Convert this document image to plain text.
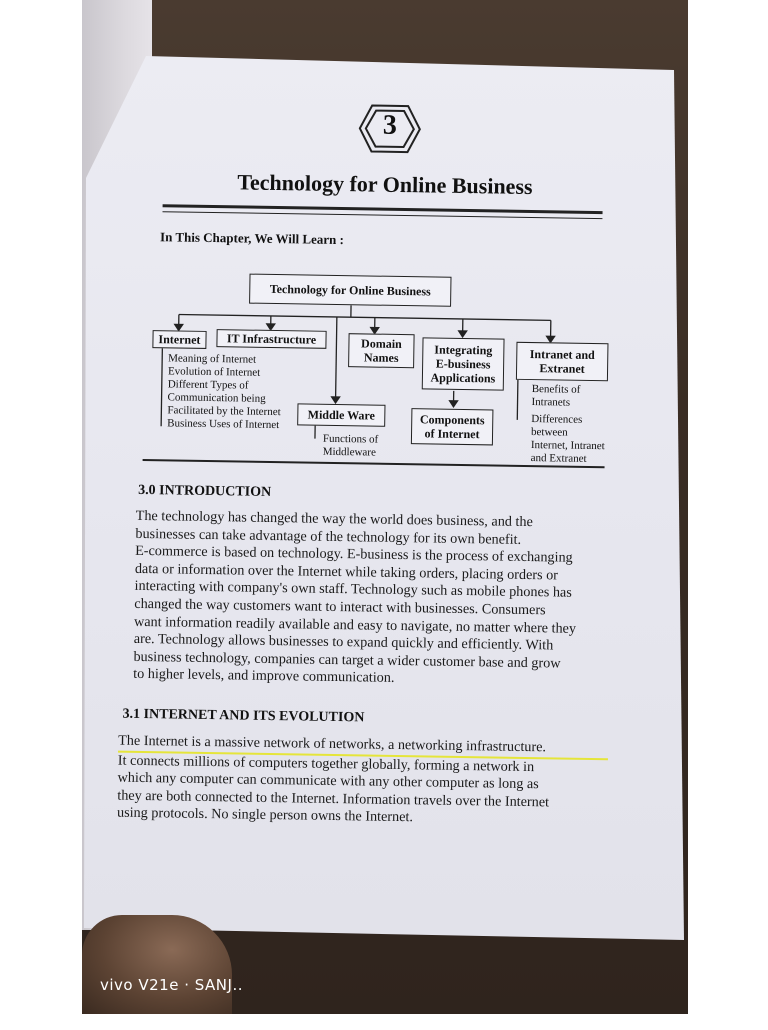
3
Technology for Online Business
In This Chapter, We Will Learn :
Technology for Online Business
Internet
Meaning of Internet
Evolution of Internet
Different Types of
Communication being
Facilitated by the Internet
Business Uses of Internet
IT Infrastructure
Middle Ware
Functions of
Middleware
Domain
Names
Integrating
E-business
Applications
Components
of Internet
Intranet and
Extranet
Benefits of
Intranets
Differences
between
Internet, Intranet
and Extranet
3.0 INTRODUCTION
The technology has changed the way the world does business, and the
businesses can take advantage of the technology for its own benefit.
E-commerce is based on technology. E-business is the process of exchanging
data or information over the Internet while taking orders, placing orders or
interacting with company's own staff. Technology such as mobile phones has
changed the way customers want to interact with businesses. Consumers
want information readily available and easy to navigate, no matter where they
are. Technology allows businesses to expand quickly and efficiently. With
business technology, companies can target a wider customer base and grow
to higher levels, and improve communication.
3.1 INTERNET AND ITS EVOLUTION
The Internet is a massive network of networks, a networking infrastructure.
It connects millions of computers together globally, forming a network in
which any computer can communicate with any other computer as long as
they are both connected to the Internet. Information travels over the Internet
using protocols. No single person owns the Internet.
vivo V21e · SANJ..
